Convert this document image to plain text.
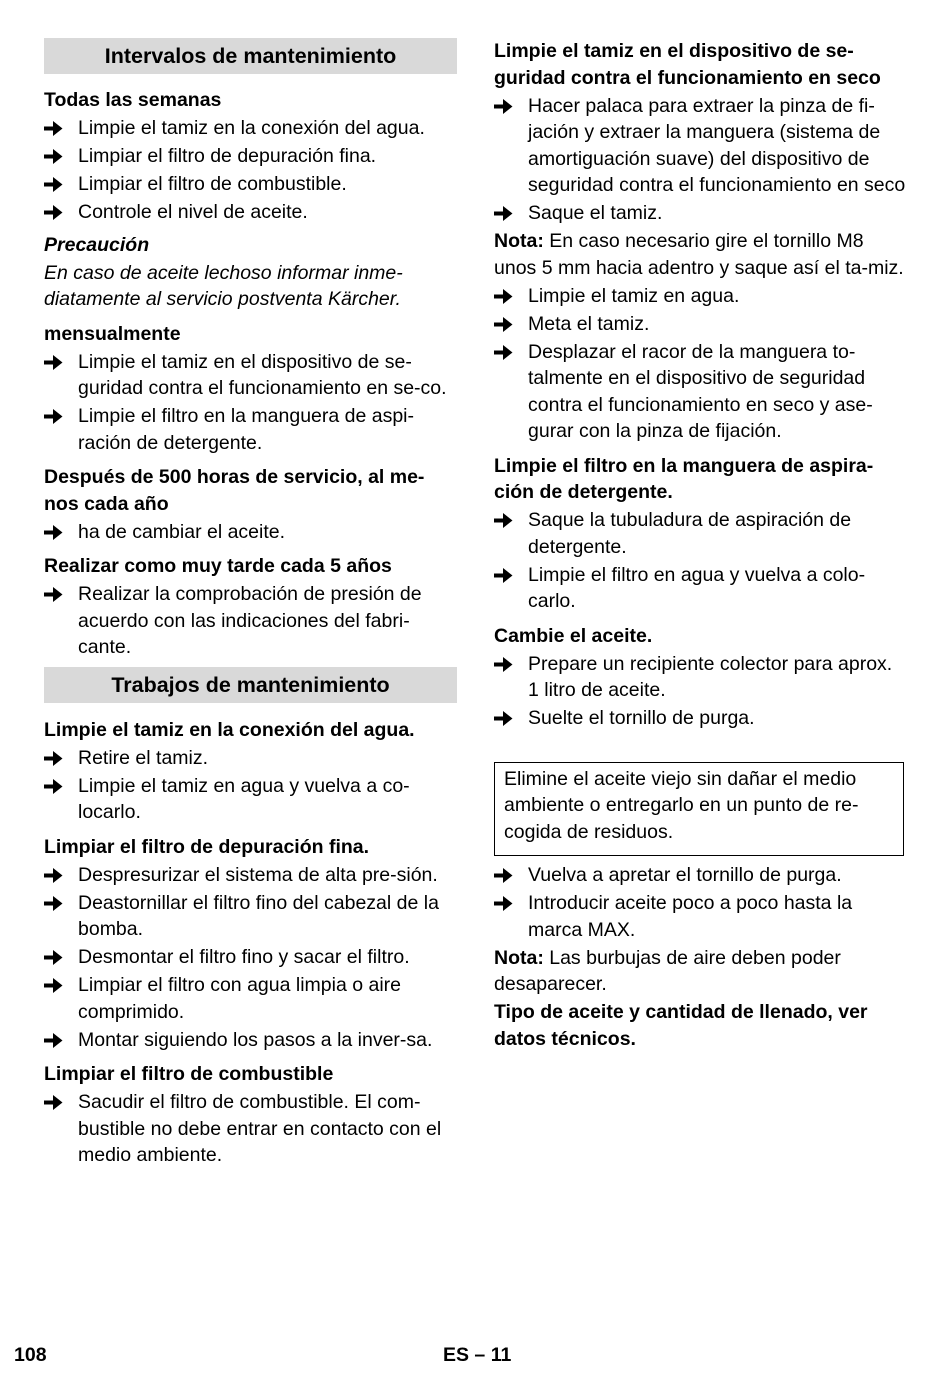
Intervalos de mantenimiento
Todas las semanas
Limpie el tamiz en la conexión del agua.
Limpiar el filtro de depuración fina.
Limpiar el filtro de combustible.
Controle el nivel de aceite.
Precaución
En caso de aceite lechoso informar inme-diatamente al servicio postventa Kärcher.
mensualmente
Limpie el tamiz en el dispositivo de se-guridad contra el funcionamiento en se-co.
Limpie el filtro en la manguera de aspi-ración de detergente.
Después de 500 horas de servicio, al me-nos cada año
ha de cambiar el aceite.
Realizar como muy tarde cada 5 años
Realizar la comprobación de presión de acuerdo con las indicaciones del fabri-cante.
Trabajos de mantenimiento
Limpie el tamiz en la conexión del agua.
Retire el tamiz.
Limpie el tamiz en agua y vuelva a co-locarlo.
Limpiar el filtro de depuración fina.
Despresurizar el sistema de alta pre-sión.
Deastornillar el filtro fino del cabezal de la bomba.
Desmontar el filtro fino y sacar el filtro.
Limpiar el filtro con agua limpia o aire comprimido.
Montar siguiendo los pasos a la inver-sa.
Limpiar el filtro de combustible
Sacudir el filtro de combustible. El com-bustible no debe entrar en contacto con el medio ambiente.
Limpie el tamiz en el dispositivo de se-guridad contra el funcionamiento en seco
Hacer palaca para extraer la pinza de fi-jación y extraer la manguera (sistema de amortiguación suave) del dispositivo de seguridad contra el funcionamiento en seco
Saque el tamiz.
Nota: En caso necesario gire el tornillo M8 unos 5 mm hacia adentro y saque así el ta-miz.
Limpie el tamiz en agua.
Meta el tamiz.
Desplazar el racor de la manguera to-talmente en el dispositivo de seguridad contra el funcionamiento en seco y ase-gurar con la pinza de fijación.
Limpie el filtro en la manguera de aspira-ción de detergente.
Saque la tubuladura de aspiración de detergente.
Limpie el filtro en agua y vuelva a colo-carlo.
Cambie el aceite.
Prepare un recipiente colector para aprox. 1 litro de aceite.
Suelte el tornillo de purga.
Elimine el aceite viejo sin dañar el medio ambiente o entregarlo en un punto de re-cogida de residuos.
Vuelva a apretar el tornillo de purga.
Introducir aceite poco a poco hasta la marca MAX.
Nota: Las burbujas de aire deben poder desaparecer.
Tipo de aceite y cantidad de llenado, ver datos técnicos.
108	ES – 11
